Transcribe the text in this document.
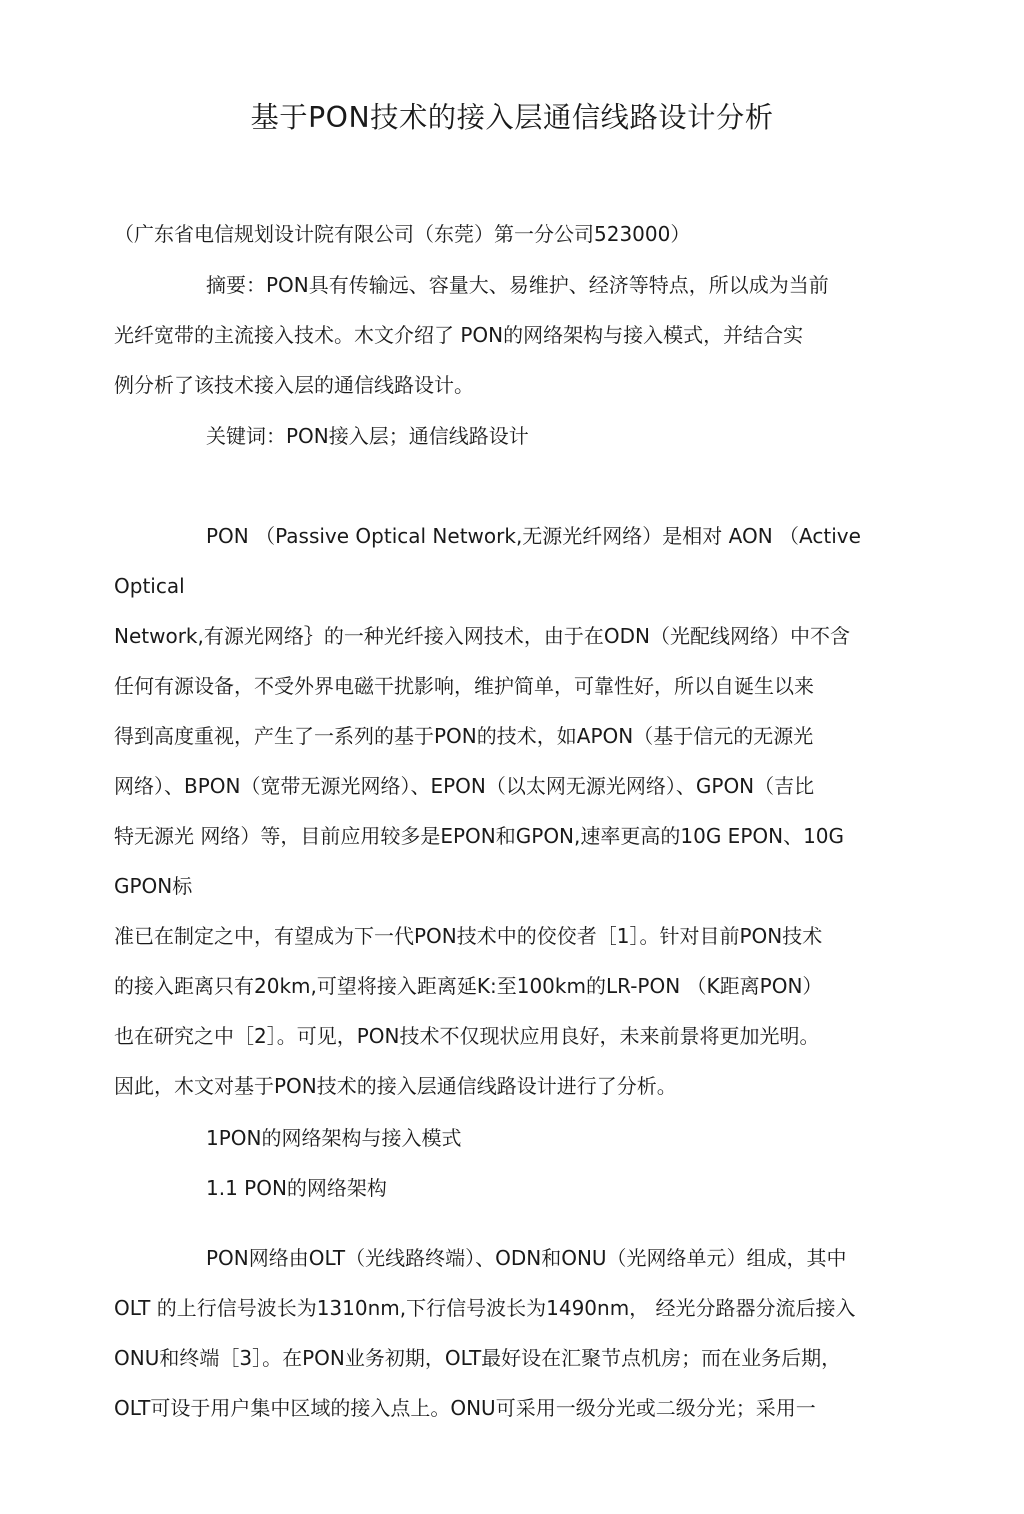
基于PON技术的接入层通信线路设计分析
（广东省电信规划设计院有限公司（东莞）第一分公司523000）
摘要：PON具有传输远、容量大、易维护、经济等特点，所以成为当前
光纤宽带的主流接入技术。木文介绍了 PON的网络架构与接入模式，并结合实
例分析了该技术接入层的通信线路设计。
关键词：PON接入层；通信线路设计
PON （Passive Optical Network,无源光纤网络）是相对 AON （Active
Optical
Network,有源光网络｝的一种光纤接入网技术，由于在ODN（光配线网络）中不含
任何有源设备，不受外界电磁干扰影响，维护简单，可靠性好，所以自诞生以来
得到高度重视，产生了一系列的基于PON的技术，如APON（基于信元的无源光
网络）、BPON（宽带无源光网络）、EPON（以太网无源光网络）、GPON（吉比
特无源光 网络）等，目前应用较多是EPON和GPON,速率更高的10G EPON、10G
GPON标
准已在制定之中，有望成为下一代PON技术中的佼佼者［1］。针对目前PON技术
的接入距离只有20km,可望将接入距离延K:至100km的LR-PON （K距离PON）
也在研究之中［2］。可见，PON技术不仅现状应用良好，未来前景将更加光明。
因此，木文对基于PON技术的接入层通信线路设计进行了分析。
1PON的网络架构与接入模式
1.1 PON的网络架构
PON网络由OLT（光线路终端）、ODN和ONU（光网络单元）组成，其中
OLT 的上行信号波长为1310nm,下行信号波长为1490nm， 经光分路器分流后接入
ONU和终端［3］。在PON业务初期，OLT最好设在汇聚节点机房；而在业务后期，
OLT可设于用户集中区域的接入点上。ONU可采用一级分光或二级分光；采用一
